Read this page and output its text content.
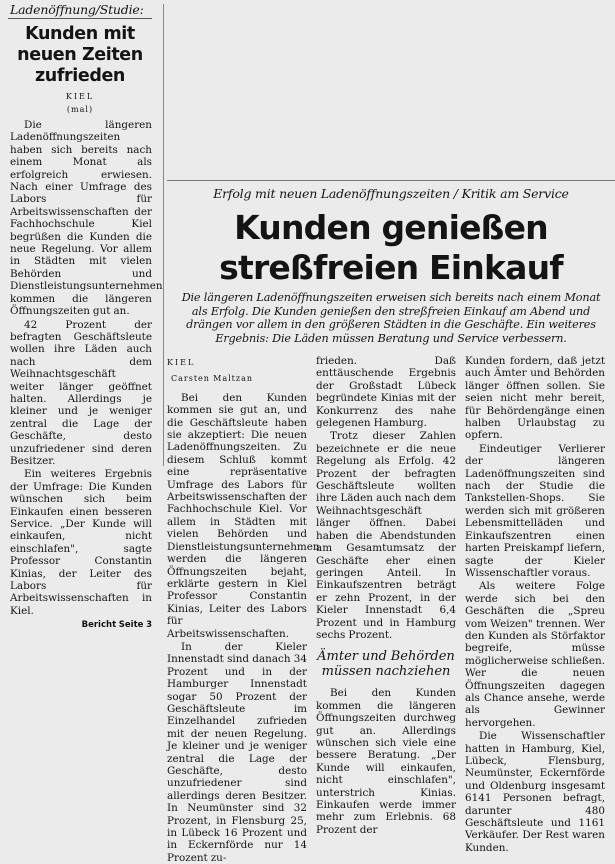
Ladenöffnung/Studie:
Kunden mit neuen Zeiten zufrieden
KIEL
(mal)

Die längeren Ladenöffnungszeiten haben sich bereits nach einem Monat als erfolgreich erwiesen. Nach einer Umfrage des Labors für Arbeitswissenschaften der Fachhochschule Kiel begrüßen die Kunden die neue Regelung. Vor allem in Städten mit vielen Behörden und Dienstleistungsunternehmen kommen die längeren Öffnungszeiten gut an.

42 Prozent der befragten Geschäftsleute wollen ihre Läden auch nach dem Weihnachtsgeschäft weiter länger geöffnet halten. Allerdings je kleiner und je weniger zentral die Lage der Geschäfte, desto unzufriedener sind deren Besitzer.

Ein weiteres Ergebnis der Umfrage: Die Kunden wünschen sich beim Einkaufen einen besseren Service. „Der Kunde will einkaufen, nicht einschlafen", sagte Professor Constantin Kinias, der Leiter des Labors für Arbeitswissenschaften in Kiel.

Bericht Seite 3
Erfolg mit neuen Ladenöffnungszeiten / Kritik am Service
Kunden genießen
streßfreien Einkauf
Die längeren Ladenöffnungszeiten erweisen sich bereits nach einem Monat als Erfolg. Die Kunden genießen den streßfreien Einkauf am Abend und drängen vor allem in den größeren Städten in die Geschäfte. Ein weiteres Ergebnis: Die Läden müssen Beratung und Service verbessern.
KIEL
Carsten Maltzan

Bei den Kunden kommen sie gut an, und die Geschäftsleute haben sie akzeptiert: Die neuen Ladenöffnungszeiten. Zu diesem Schluß kommt eine repräsentative Umfrage des Labors für Arbeitswissenschaften der Fachhochschule Kiel. Vor allem in Städten mit vielen Behörden und Dienstleistungsunternehmen werden die längeren Öffnungszeiten bejaht, erklärte gestern in Kiel Professor Constantin Kinias, Leiter des Labors für Arbeitswissenschaften.

In der Kieler Innenstadt sind danach 34 Prozent und in der Hamburger Innenstadt sogar 50 Prozent der Geschäftsleute im Einzelhandel zufrieden mit der neuen Regelung. Je kleiner und je weniger zentral die Lage der Geschäfte, desto unzufriedener sind allerdings deren Besitzer. In Neumünster sind 32 Prozent, in Flensburg 25, in Lübeck 16 Prozent und in Eckernförde nur 14 Prozent zu-

frieden. Daß enttäuschende Ergebnis der Großstadt Lübeck begründete Kinias mit der Konkurrenz des nahe gelegenen Hamburg.

Trotz dieser Zahlen bezeichnete er die neue Regelung als Erfolg. 42 Prozent der befragten Geschäftsleute wollten ihre Läden auch nach dem Weihnachtsgeschäft länger öffnen. Dabei haben die Abendstunden am Gesamtumsatz der Geschäfte eher einen geringen Anteil. In Einkaufszentren beträgt er zehn Prozent, in der Kieler Innenstadt 6,4 Prozent und in Hamburg sechs Prozent.

Ämter und Behörden müssen nachziehen

Bei den Kunden kommen die längeren Öffnungszeiten durchweg gut an. Allerdings wünschen sich viele eine bessere Beratung. „Der Kunde will einkaufen, nicht einschlafen", unterstrich Kinias. Einkaufen werde immer mehr zum Erlebnis. 68 Prozent der

Kunden fordern, daß jetzt auch Ämter und Behörden länger öffnen sollen. Sie seien nicht mehr bereit, für Behördengänge einen halben Urlaubstag zu opfern.

Eindeutiger Verlierer der längeren Ladenöffnungszeiten sind nach der Studie die Tankstellen-Shops. Sie werden sich mit größeren Lebensmittelläden und Einkaufszentren einen harten Preiskampf liefern, sagte der Kieler Wissenschaftler voraus.

Als weitere Folge werde sich bei den Geschäften die „Spreu vom Weizen" trennen. Wer den Kunden als Störfaktor begreife, müsse möglicherweise schließen. Wer die neuen Öffnungszeiten dagegen als Chance ansehe, werde als Gewinner hervorgehen.

Die Wissenschaftler hatten in Hamburg, Kiel, Lübeck, Flensburg, Neumünster, Eckernförde und Oldenburg insgesamt 6141 Personen befragt, darunter 480 Geschäftsleute und 1161 Verkäufer. Der Rest waren Kunden.
